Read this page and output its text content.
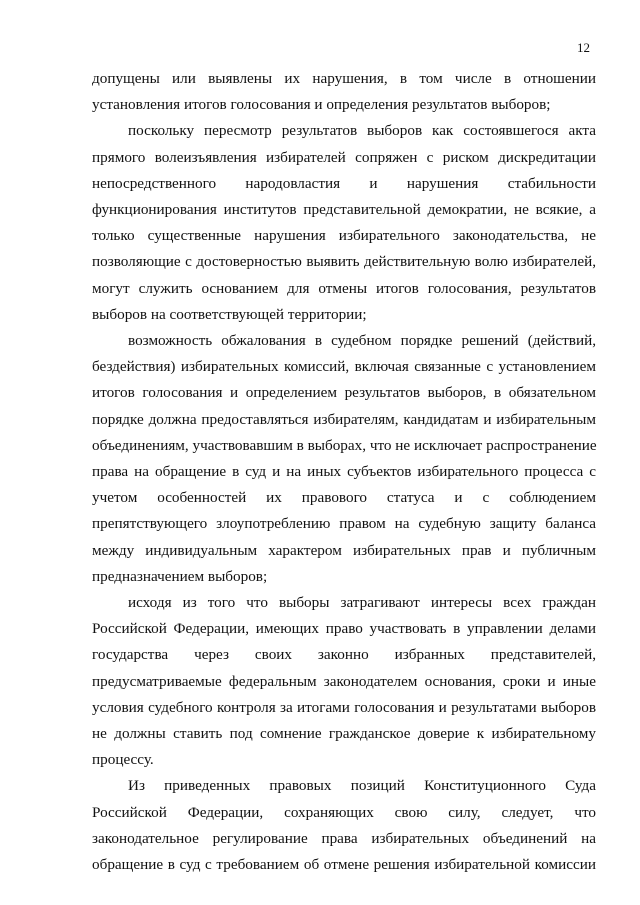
12

допущены или выявлены их нарушения, в том числе в отношении

установления итогов голосования и определения результатов выборов;

поскольку пересмотр результатов выборов как состоявшегося акта

прямого волеизъявления избирателей сопряжен с риском дискредитации

непосредственного народовластия и нарушения стабильности

функционирования институтов представительной демократии, не всякие, а

только существенные нарушения избирательного законодательства, не

позволяющие с достоверностью выявить действительную волю избирателей,

могут служить основанием для отмены итогов голосования, результатов

выборов на соответствующей территории;

возможность обжалования в судебном порядке решений (действий,

бездействия) избирательных комиссий, включая связанные с установлением

итогов голосования и определением результатов выборов, в обязательном

порядке должна предоставляться избирателям, кандидатам и избирательным

объединениям, участвовавшим в выборах, что не исключает распространение

права на обращение в суд и на иных субъектов избирательного процесса с

учетом особенностей их правового статуса и с соблюдением

препятствующего злоупотреблению правом на судебную защиту баланса

между индивидуальным характером избирательных прав и публичным

предназначением выборов;

исходя из того что выборы затрагивают интересы всех граждан

Российской Федерации, имеющих право участвовать в управлении делами

государства через своих законно избранных представителей,

предусматриваемые федеральным законодателем основания, сроки и иные

условия судебного контроля за итогами голосования и результатами выборов

не должны ставить под сомнение гражданское доверие к избирательному

процессу.

Из приведенных правовых позиций Конституционного Суда

Российской Федерации, сохраняющих свою силу, следует, что

законодательное регулирование права избирательных объединений на

обращение в суд с требованием об отмене решения избирательной комиссии
